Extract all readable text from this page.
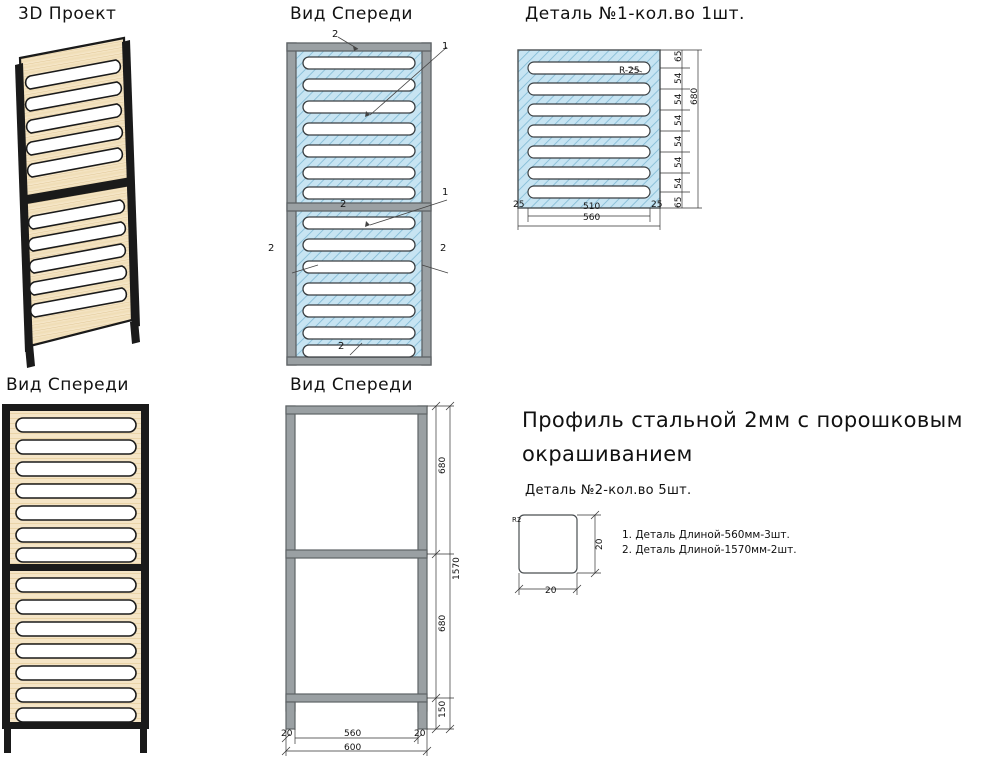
3D Проект	Вид Спереди	Деталь №1-кол.во 1шт.
Вид Спереди	Вид Спереди
Профиль стальной 2мм с порошковым
окрашиванием
Деталь №2-кол.во 5шт.
1. Деталь Длиной-560мм-3шт.
2. Деталь Длиной-1570мм-2шт.
2
1
1
2
2	2
2
R-25
680
65
54
54
54
54
54
54
65
25	25
510
560
680
680
150
1570
560
600
20	20
R2
20
20
